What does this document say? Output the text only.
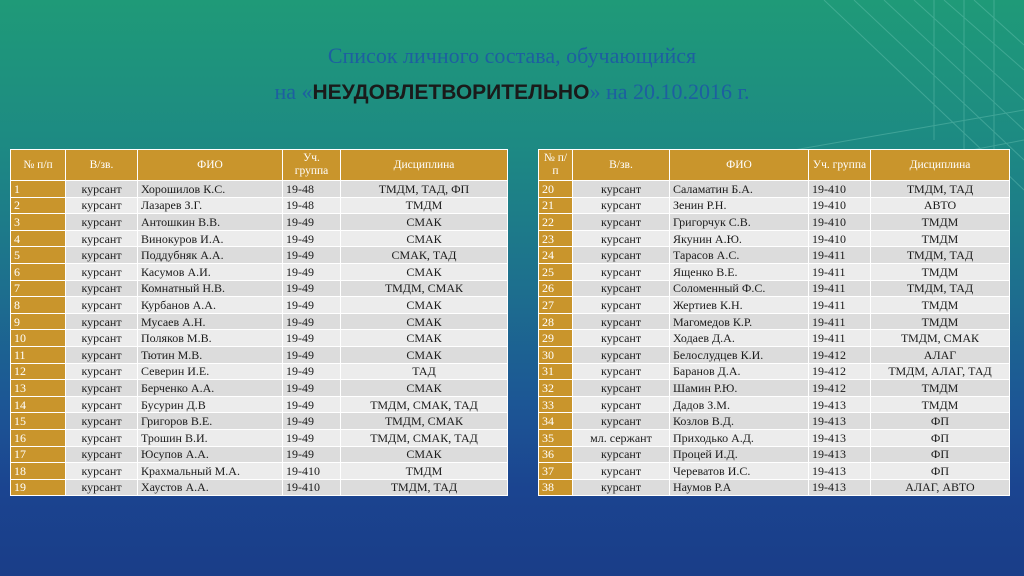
Список личного состава, обучающийся
на «НЕУДОВЛЕТВОРИТЕЛЬНО» на 20.10.2016 г.
№ п/п	В/зв.	ФИО	Уч. группа	Дисциплина
1	курсант	Хорошилов К.С.	19-48	ТМДМ, ТАД, ФП
2	курсант	Лазарев З.Г.	19-48	ТМДМ
3	курсант	Антошкин В.В.	19-49	СМАК
4	курсант	Винокуров И.А.	19-49	СМАК
5	курсант	Поддубняк А.А.	19-49	СМАК, ТАД
6	курсант	Касумов А.И.	19-49	СМАК
7	курсант	Комнатный Н.В.	19-49	ТМДМ, СМАК
8	курсант	Курбанов А.А.	19-49	СМАК
9	курсант	Мусаев А.Н.	19-49	СМАК
10	курсант	Поляков М.В.	19-49	СМАК
11	курсант	Тютин М.В.	19-49	СМАК
12	курсант	Северин И.Е.	19-49	ТАД
13	курсант	Берченко А.А.	19-49	СМАК
14	курсант	Бусурин Д.В	19-49	ТМДМ, СМАК, ТАД
15	курсант	Григоров В.Е.	19-49	ТМДМ, СМАК
16	курсант	Трошин В.И.	19-49	ТМДМ, СМАК, ТАД
17	курсант	Юсупов А.А.	19-49	СМАК
18	курсант	Крахмальный М.А.	19-410	ТМДМ
19	курсант	Хаустов А.А.	19-410	ТМДМ, ТАД
№ п/п	В/зв.	ФИО	Уч. группа	Дисциплина
20	курсант	Саламатин Б.А.	19-410	ТМДМ, ТАД
21	курсант	Зенин Р.Н.	19-410	АВТО
22	курсант	Григорчук С.В.	19-410	ТМДМ
23	курсант	Якунин А.Ю.	19-410	ТМДМ
24	курсант	Тарасов А.С.	19-411	ТМДМ, ТАД
25	курсант	Ященко В.Е.	19-411	ТМДМ
26	курсант	Соломенный Ф.С.	19-411	ТМДМ, ТАД
27	курсант	Жертиев К.Н.	19-411	ТМДМ
28	курсант	Магомедов К.Р.	19-411	ТМДМ
29	курсант	Ходаев Д.А.	19-411	ТМДМ, СМАК
30	курсант	Белослудцев К.И.	19-412	АЛАГ
31	курсант	Баранов Д.А.	19-412	ТМДМ, АЛАГ, ТАД
32	курсант	Шамин Р.Ю.	19-412	ТМДМ
33	курсант	Дадов З.М.	19-413	ТМДМ
34	курсант	Козлов В.Д.	19-413	ФП
35	мл. сержант	Приходько А.Д.	19-413	ФП
36	курсант	Процей И.Д.	19-413	ФП
37	курсант	Череватов И.С.	19-413	ФП
38	курсант	Наумов Р.А	19-413	АЛАГ, АВТО
